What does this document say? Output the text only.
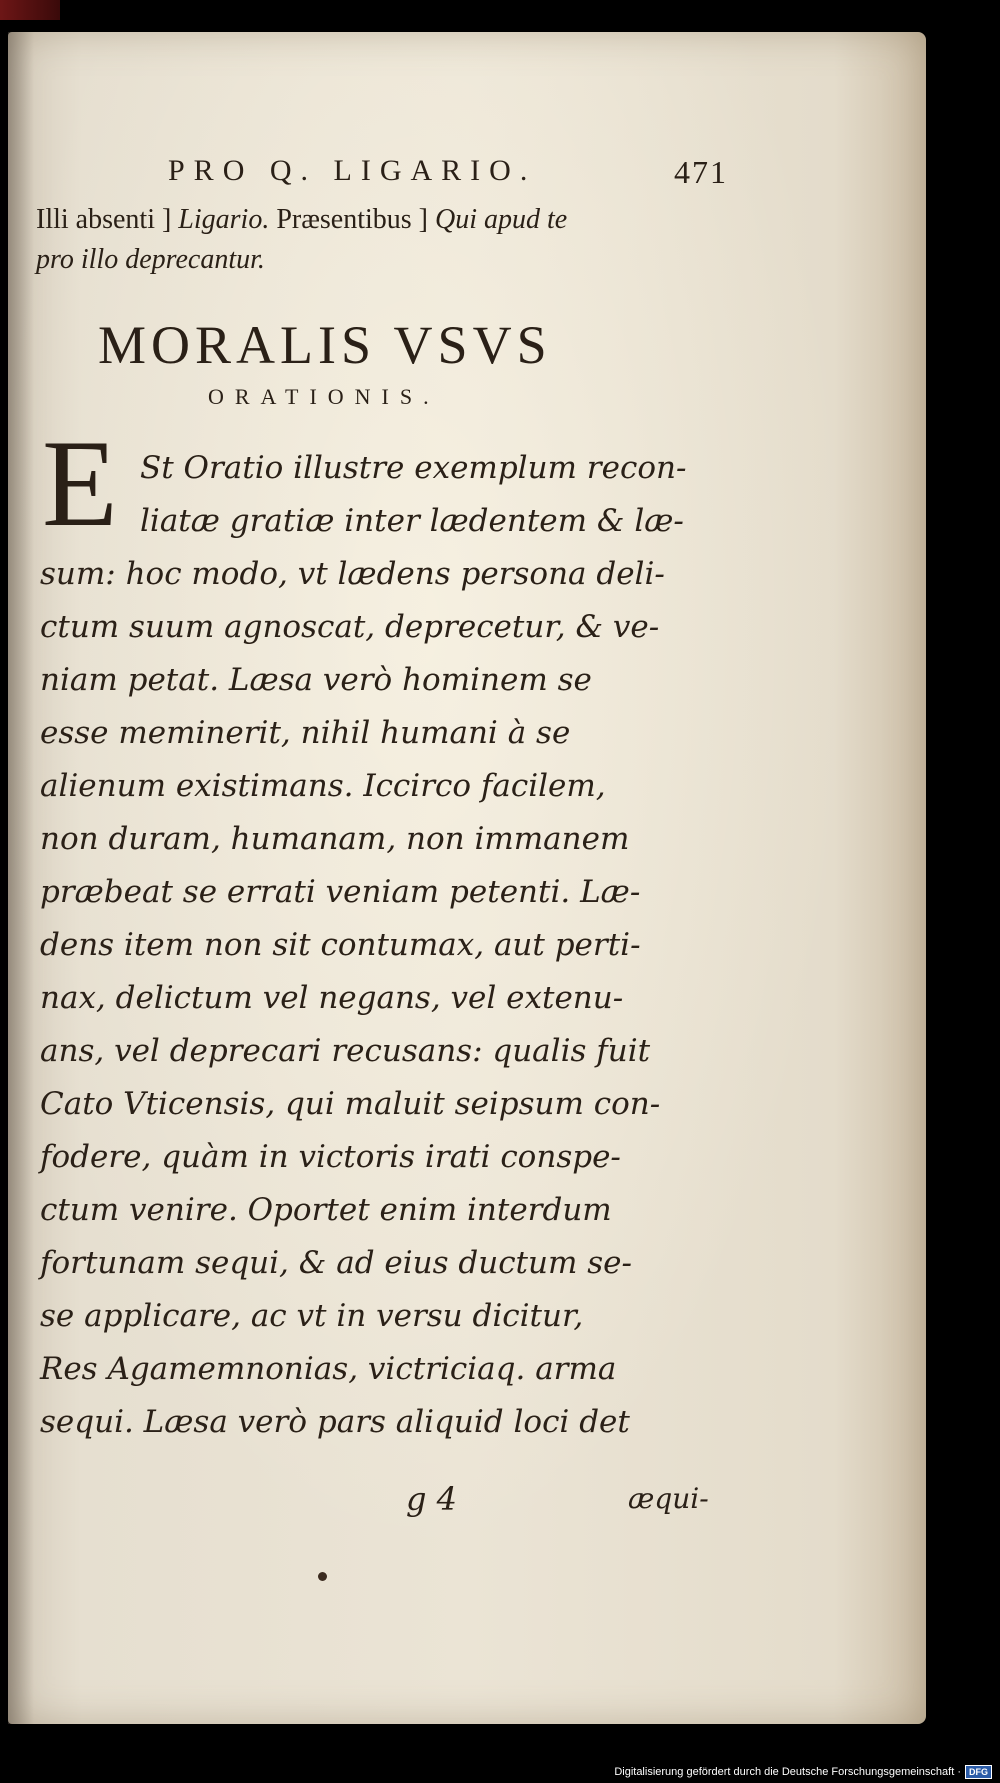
PRO Q. LIGARIO.	471
Illi absenti ] Ligario. Præsentibus ] Qui apud te
pro illo deprecantur.
MORALIS VSVS
ORATIONIS.
E St Oratio illustre exemplum recon-
liatæ gratiæ inter lædentem & læ-
sum: hoc modo, vt lædens persona deli-
ctum suum agnoscat, deprecetur, & ve-
niam petat. Læsa verò hominem se
esse meminerit, nihil humani à se
alienum existimans. Iccirco facilem,
non duram, humanam, non immanem
præbeat se errati veniam petenti. Læ-
dens item non sit contumax, aut perti-
nax, delictum vel negans, vel extenu-
ans, vel deprecari recusans: qualis fuit
Cato Vticensis, qui maluit seipsum con-
fodere, quàm in victoris irati conspe-
ctum venire. Oportet enim interdum
fortunam sequi, & ad eius ductum se-
se applicare, ac vt in versu dicitur,
Res Agamemnonias, victriciaq. arma
sequi. Læsa verò pars aliquid loci det
g 4	æqui-
Digitalisierung gefördert durch die Deutsche Forschungsgemeinschaft · DFG
